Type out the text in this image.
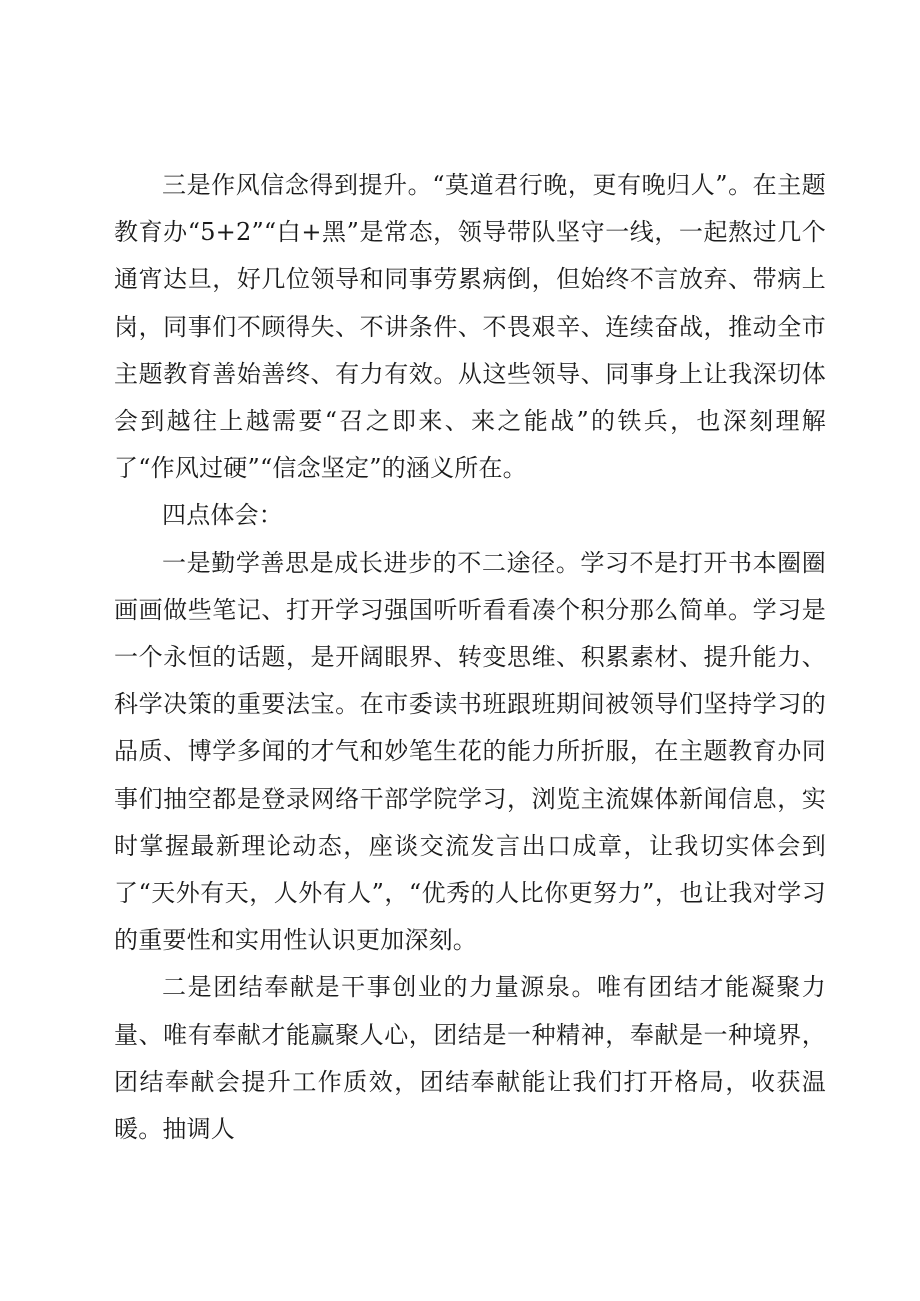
三是作风信念得到提升。“莫道君行晚，更有晚归人”。在主题教育办“5+2”“白+黑”是常态，领导带队坚守一线，一起熬过几个通宵达旦，好几位领导和同事劳累病倒，但始终不言放弃、带病上岗，同事们不顾得失、不讲条件、不畏艰辛、连续奋战，推动全市主题教育善始善终、有力有效。从这些领导、同事身上让我深切体会到越往上越需要“召之即来、来之能战”的铁兵，也深刻理解了“作风过硬”“信念坚定”的涵义所在。

四点体会：

一是勤学善思是成长进步的不二途径。学习不是打开书本圈圈画画做些笔记、打开学习强国听听看看凑个积分那么简单。学习是一个永恒的话题，是开阔眼界、转变思维、积累素材、提升能力、科学决策的重要法宝。在市委读书班跟班期间被领导们坚持学习的品质、博学多闻的才气和妙笔生花的能力所折服，在主题教育办同事们抽空都是登录网络干部学院学习，浏览主流媒体新闻信息，实时掌握最新理论动态，座谈交流发言出口成章，让我切实体会到了“天外有天，人外有人”，“优秀的人比你更努力”，也让我对学习的重要性和实用性认识更加深刻。

二是团结奉献是干事创业的力量源泉。唯有团结才能凝聚力量、唯有奉献才能赢聚人心，团结是一种精神，奉献是一种境界，团结奉献会提升工作质效，团结奉献能让我们打开格局，收获温暖。抽调人
